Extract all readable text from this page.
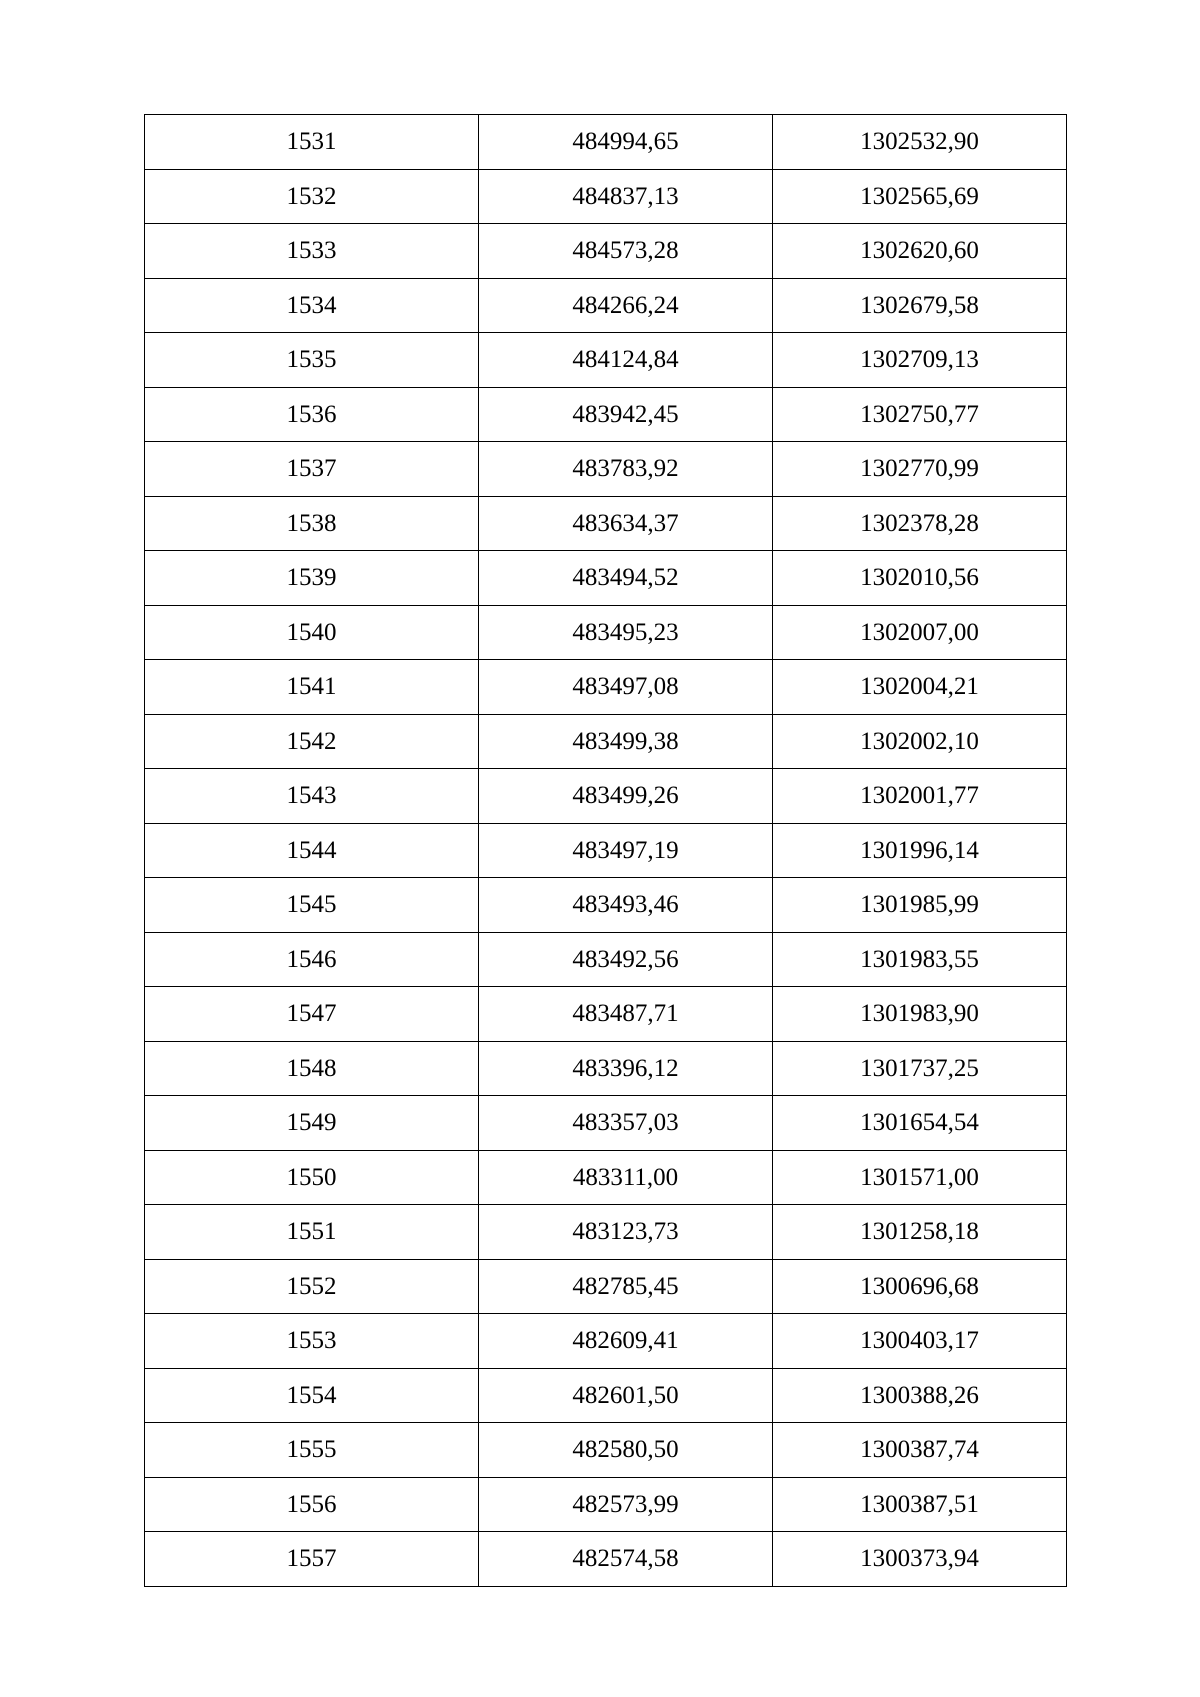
1531	484994,65	1302532,90
1532	484837,13	1302565,69
1533	484573,28	1302620,60
1534	484266,24	1302679,58
1535	484124,84	1302709,13
1536	483942,45	1302750,77
1537	483783,92	1302770,99
1538	483634,37	1302378,28
1539	483494,52	1302010,56
1540	483495,23	1302007,00
1541	483497,08	1302004,21
1542	483499,38	1302002,10
1543	483499,26	1302001,77
1544	483497,19	1301996,14
1545	483493,46	1301985,99
1546	483492,56	1301983,55
1547	483487,71	1301983,90
1548	483396,12	1301737,25
1549	483357,03	1301654,54
1550	483311,00	1301571,00
1551	483123,73	1301258,18
1552	482785,45	1300696,68
1553	482609,41	1300403,17
1554	482601,50	1300388,26
1555	482580,50	1300387,74
1556	482573,99	1300387,51
1557	482574,58	1300373,94
